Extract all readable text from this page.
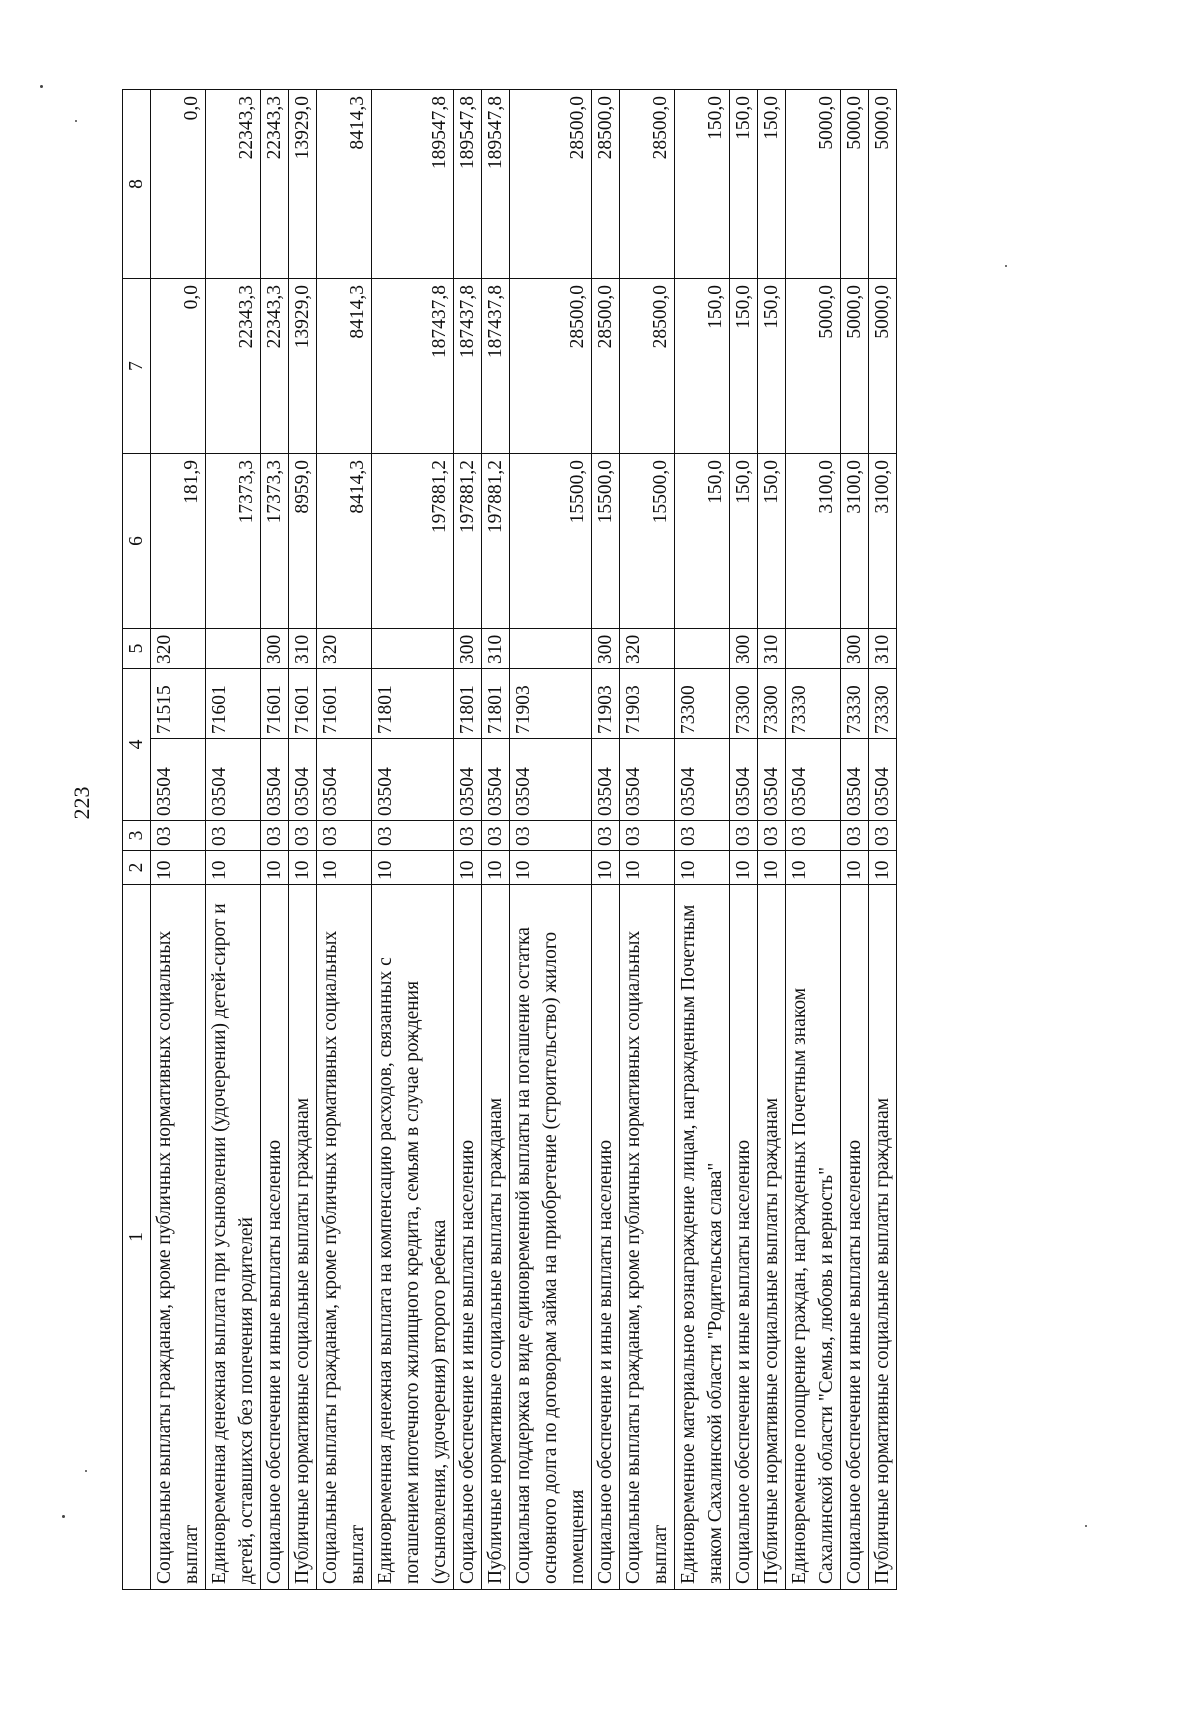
223
1	2	3	4		5	6	7	8
Социальные выплаты гражданам, кроме публичных нормативных социальных выплат	10	03	03504	71515	320	181,9	0,0	0,0
Единовременная денежная выплата при усыновлении (удочерении) детей-сирот и детей, оставшихся без попечения родителей	10	03	03504	71601		17373,3	22343,3	22343,3
Социальное обеспечение и иные выплаты населению	10	03	03504	71601	300	17373,3	22343,3	22343,3
Публичные нормативные социальные выплаты гражданам	10	03	03504	71601	310	8959,0	13929,0	13929,0
Социальные выплаты гражданам, кроме публичных нормативных социальных выплат	10	03	03504	71601	320	8414,3	8414,3	8414,3
Единовременная денежная выплата на компенсацию расходов, связанных с погашением ипотечного жилищного кредита, семьям в случае рождения (усыновления, удочерения) второго ребенка	10	03	03504	71801		197881,2	187437,8	189547,8
Социальное обеспечение и иные выплаты населению	10	03	03504	71801	300	197881,2	187437,8	189547,8
Публичные нормативные социальные выплаты гражданам	10	03	03504	71801	310	197881,2	187437,8	189547,8
Социальная поддержка в виде единовременной выплаты на погашение остатка основного долга по договорам займа на приобретение (строительство) жилого помещения	10	03	03504	71903		15500,0	28500,0	28500,0
Социальное обеспечение и иные выплаты населению	10	03	03504	71903	300	15500,0	28500,0	28500,0
Социальные выплаты гражданам, кроме публичных нормативных социальных выплат	10	03	03504	71903	320	15500,0	28500,0	28500,0
Единовременное материальное вознаграждение лицам, награжденным Почетным знаком Сахалинской области "Родительская слава"	10	03	03504	73300		150,0	150,0	150,0
Социальное обеспечение и иные выплаты населению	10	03	03504	73300	300	150,0	150,0	150,0
Публичные нормативные социальные выплаты гражданам	10	03	03504	73300	310	150,0	150,0	150,0
Единовременное поощрение граждан, награжденных Почетным знаком Сахалинской области "Семья, любовь и верность"	10	03	03504	73330		3100,0	5000,0	5000,0
Социальное обеспечение и иные выплаты населению	10	03	03504	73330	300	3100,0	5000,0	5000,0
Публичные нормативные социальные выплаты гражданам	10	03	03504	73330	310	3100,0	5000,0	5000,0
